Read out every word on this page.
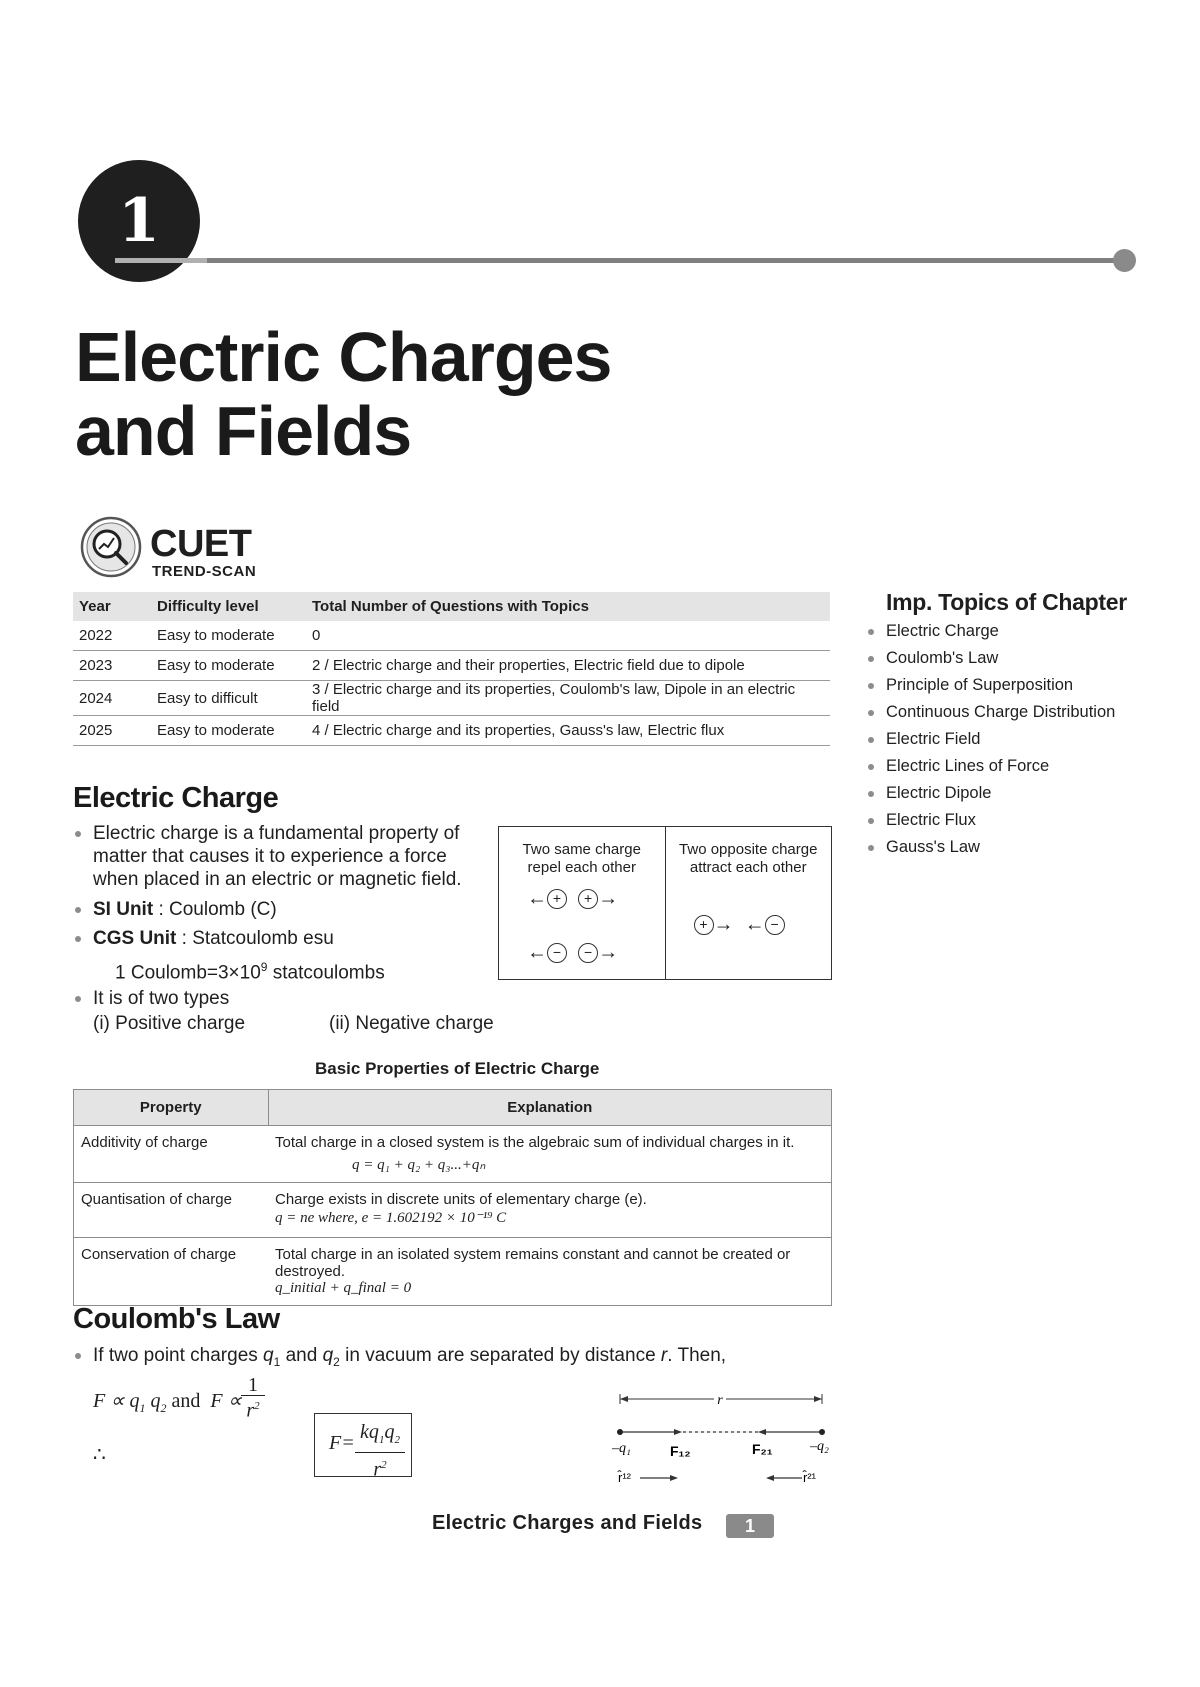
1
Electric Charges
and Fields
CUET
TREND-SCAN
Year	Difficulty level	Total Number of Questions with Topics
2022	Easy to moderate	0
2023	Easy to moderate	2 / Electric charge and their properties, Electric field due to dipole
2024	Easy to difficult	3 / Electric charge and its properties, Coulomb's law, Dipole in an electric field
2025	Easy to moderate	4 / Electric charge and its properties, Gauss's law, Electric flux
Imp. Topics of Chapter
Electric Charge
Coulomb's Law
Principle of Superposition
Continuous Charge Distribution
Electric Field
Electric Lines of Force
Electric Dipole
Electric Flux
Gauss's Law
Electric Charge
Electric charge is a fundamental property of matter that causes it to experience a force when placed in an electric or magnetic field.
SI Unit : Coulomb (C)
CGS Unit : Statcoulomb esu
1 $Coulomb=3\times 10^9$ statcoulombs
It is of two types
(i) Positive charge	(ii) Negative charge
Two same charge repel each other
← + + →
← − − →
Two opposite charge attract each other
+ →  ← −
Basic Properties of Electric Charge
Property	Explanation
Additivity of charge	Total charge in a closed system is the algebraic sum of individual charges in it.
q = q₁ + q₂ + q₃...+qₙ

Quantisation of charge	Charge exists in discrete units of elementary charge (e).
q = ne where, e = 1.602192 × 10⁻¹⁹ C

Conservation of charge	Total charge in an isolated system remains constant and cannot be created or destroyed.
q_initial + q_final = 0
Coulomb's Law
If two point charges $q_1$ and $q_2$ in vacuum are separated by distance r. Then,
$F \propto q_1$ $q_2$ and  F ∝
1
$r^2$
∴
$F= kq_1q_2$
$r^2$
r
–q₁	F₁₂	F₂₁	–q₂
r̂¹²	r̂²¹
Electric Charges and Fields	1
